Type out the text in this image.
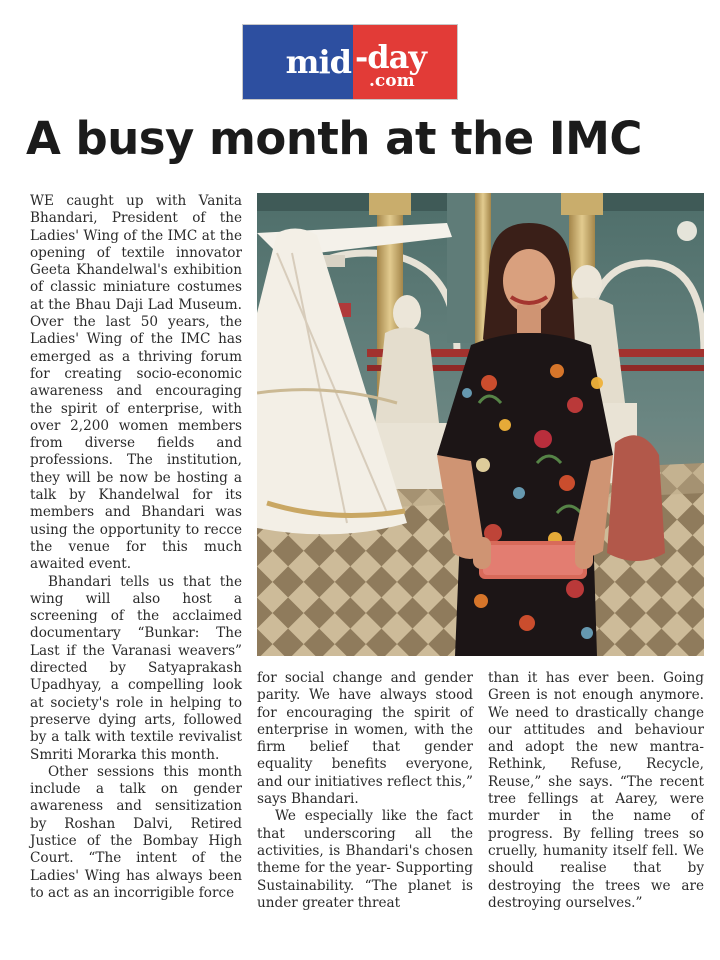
mid -day
.com
A busy month at the IMC

WE caught up with Vanita Bhandari, President of the Ladies' Wing of the IMC at the opening of textile innovator Geeta Khandelwal's exhibition of classic miniature costumes at the Bhau Daji Lad Museum. Over the last 50 years, the Ladies' Wing of the IMC has emerged as a thriving forum for creating socio-economic awareness and encouraging the spirit of enterprise, with over 2,200 women members from diverse fields and professions. The institution, they will be now be hosting a talk by Khandelwal for its members and Bhandari was using the opportunity to recce the venue for this much awaited event.

Bhandari tells us that the wing will also host a screening of the acclaimed documentary “Bunkar: The Last if the Varanasi weavers” directed by Satyaprakash Upadhyay, a compelling look at society's role in helping to preserve dying arts, followed by a talk with textile revivalist Smriti Morarka this month.

Other sessions this month include a talk on gender awareness and sensitization by Roshan Dalvi, Retired Justice of the Bombay High Court. “The intent of the Ladies' Wing has always been to act as an incorrigible force

for social change and gender parity. We have always stood for encouraging the spirit of enterprise in women, with the firm belief that gender equality benefits everyone, and our initiatives reflect this,” says Bhandari.

We especially like the fact that underscoring all the activities, is Bhandari's chosen theme for the year- Supporting Sustainability. “The planet is under greater threat

than it has ever been. Going Green is not enough anymore. We need to drastically change our attitudes and behaviour and adopt the new mantra- Rethink, Refuse, Recycle, Reuse,” she says. “The recent tree fellings at Aarey, were murder in the name of progress. By felling trees so cruelly, humanity itself fell. We should realise that by destroying the trees we are destroying ourselves.”
